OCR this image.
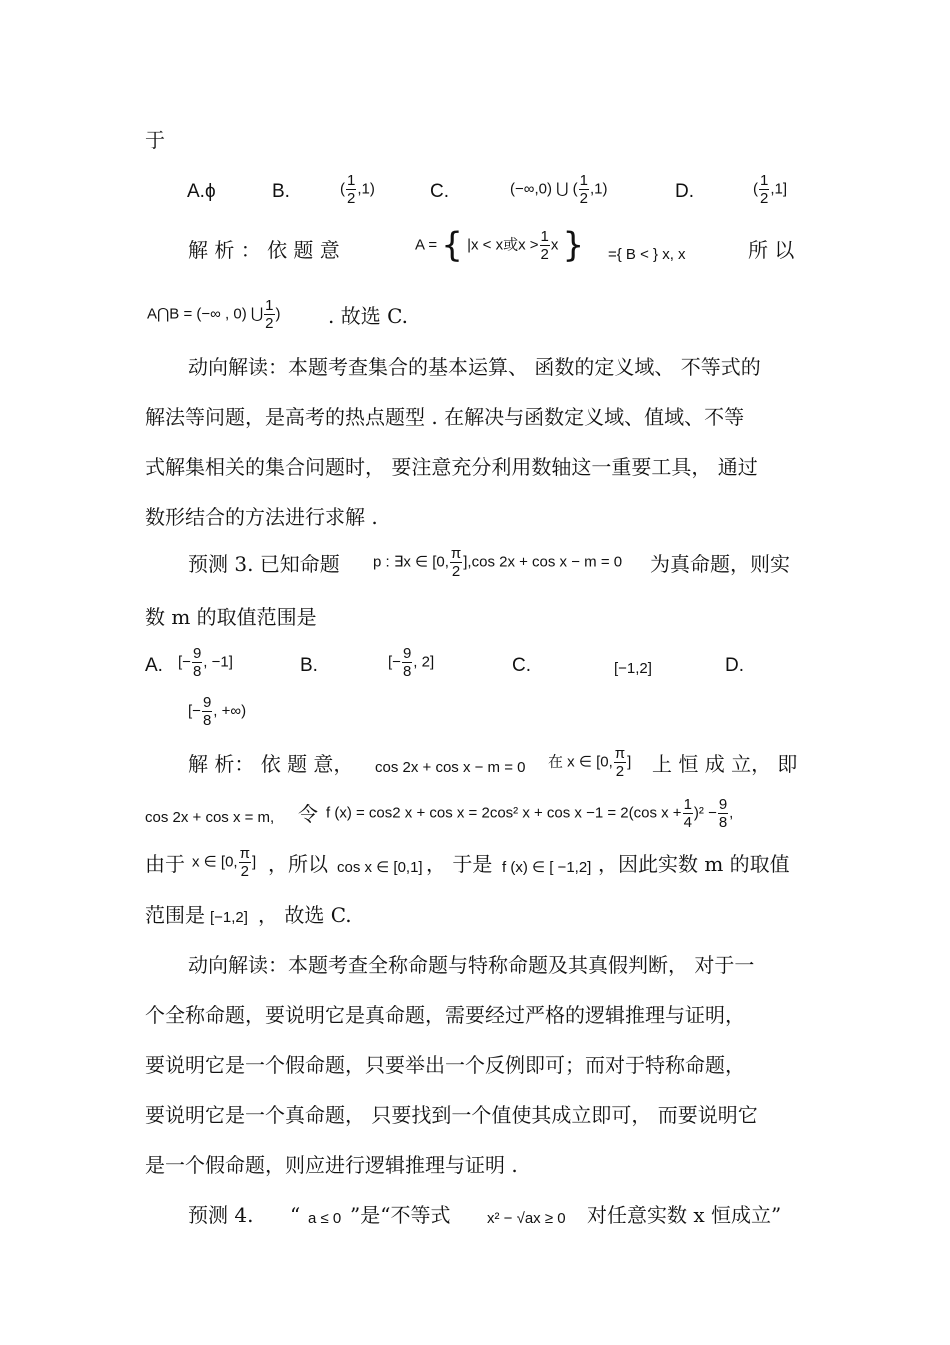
于
A.ϕ	B.	( $\frac{1}{2} ,1$)	C.	(−∞,0) ⋃ ( $\frac{1}{2} ,1$)	D.	( $\frac{1}{2} ,1$]
解 析 ： 依 题 意	A = { |x < x或$x > \frac{1}{2}$ x } ={ B < } x, x	所 以
A⋂B = (−∞ , 0) ⋃ $\frac{1}{2}$ ) . 故选 C.
动向解读：本题考查集合的基本运算、 函数的定义域、 不等式的
解法等问题，是高考的热点题型 . 在解决与函数定义域、值域、不等
式解集相关的集合问题时， 要注意充分利用数轴这一重要工具， 通过
数形结合的方法进行求解 .
预测 3. 已知命题 p : ∃x ∈ [0, $\frac{\pi}{2} ],\cos$ 2x + cos x − m = 0 为真命题，则实
数 m 的取值范围是
A. [− $\frac{9}{8}$ , −1]	B.	[− $\frac{9}{8}$ , 2]	C.	[−1,2]	D.
[− $\frac{9}{8}$ , +∞)
解 析： 依 题 意， cos 2x + cos x − m = 0 在 x ∈ [0, $\frac{\pi}{2}$ ] 上 恒 成 立， 即
cos 2x + cos x = m, 令 f (x) = cos2 x + cos x = 2cos² x + cos x −1 = 2(cos $x + \frac{1}{4} )^2 - \frac{9}{8}$ ,
由于 x ∈ [0, $\frac{\pi}{2}$ ] ，所以 cos x ∈ [0,1] ， 于是 f (x) ∈ [ −1,2] ，因此实数 m 的取值
范围是 [−1,2] ， 故选 C.
动向解读：本题考查全称命题与特称命题及其真假判断， 对于一
个全称命题，要说明它是真命题，需要经过严格的逻辑推理与证明，
要说明它是一个假命题，只要举出一个反例即可；而对于特称命题，
要说明它是一个真命题， 只要找到一个值使其成立即可， 而要说明它
是一个假命题，则应进行逻辑推理与证明 .
预测 4. “ a ≤ 0 ”是“不等式 x² − √ax ≥ 0 对任意实数 x 恒成立”
